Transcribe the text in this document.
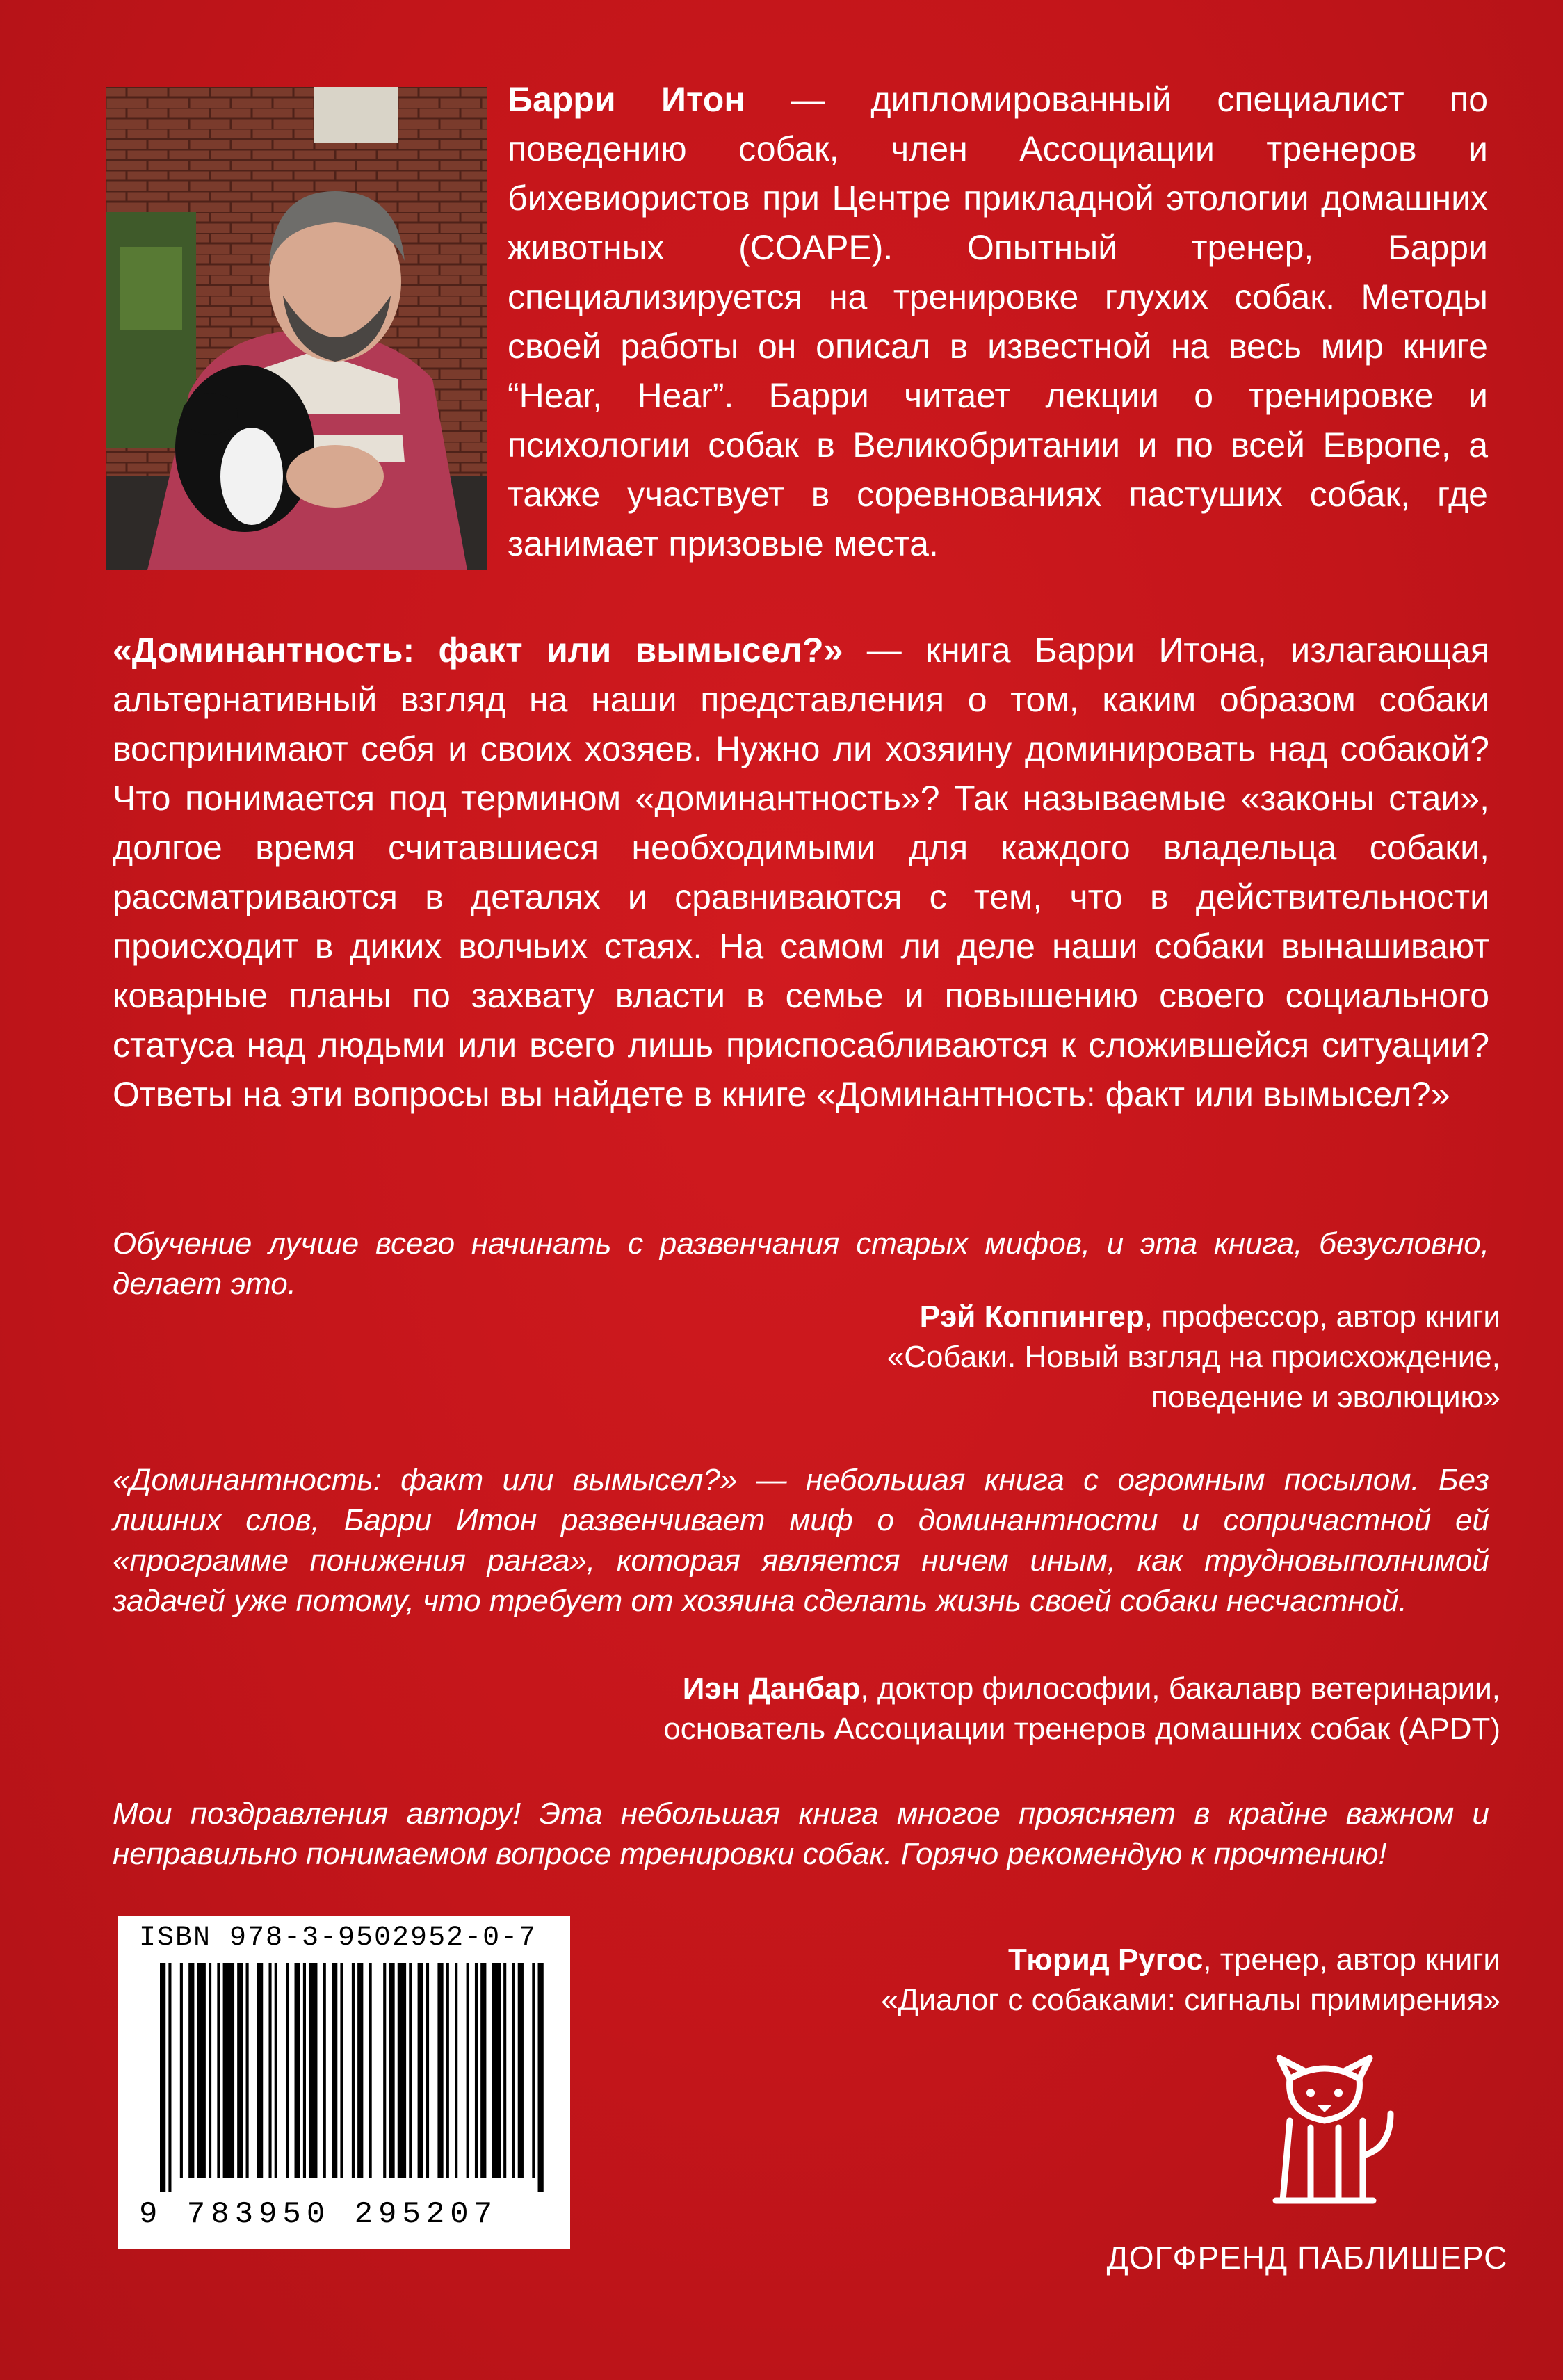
Барри Итон — дипломированный специалист по поведению собак, член Ассоциации тренеров и бихевиористов при Центре прикладной этологии домашних животных (COAPE). Опытный тренер, Барри специализируется на тренировке глухих собак. Методы своей работы он описал в известной на весь мир книге “Hear, Hear”. Барри читает лекции о тренировке и психологии собак в Великобритании и по всей Европе, а также участвует в соревнованиях пастуших собак, где занимает призовые места.
«Доминантность: факт или вымысел?» — книга Барри Итона, излагающая альтернативный взгляд на наши представления о том, каким образом собаки воспринимают себя и своих хозяев. Нужно ли хозяину доминировать над собакой? Что понимается под термином «доминантность»? Так называемые «законы стаи», долгое время считавшиеся необходимыми для каждого владельца собаки, рассматриваются в деталях и сравниваются с тем, что в действительности происходит в диких волчьих стаях. На самом ли деле наши собаки вынашивают коварные планы по захвату власти в семье и повышению своего социального статуса над людьми или всего лишь приспосабливаются к сложившейся ситуации? Ответы на эти вопросы вы найдете в книге «Доминантность: факт или вымысел?»
Обучение лучше всего начинать с развенчания старых мифов, и эта книга, безусловно, делает это.
Рэй Коппингер, профессор, автор книги
«Собаки. Новый взгляд на происхождение,
поведение и эволюцию»
«Доминантность: факт или вымысел?» — небольшая книга с огромным посылом. Без лишних слов, Барри Итон развенчивает миф о доминантности и сопричастной ей «программе понижения ранга», которая является ничем иным, как трудновыполнимой задачей уже потому, что требует от хозяина сделать жизнь своей собаки несчастной.
Иэн Данбар, доктор философии, бакалавр ветеринарии,
основатель Ассоциации тренеров домашних собак (APDT)
Мои поздравления автору! Эта небольшая книга многое проясняет в крайне важном и неправильно понимаемом вопросе тренировки собак. Горячо рекомендую к прочтению!
Тюрид Ругос, тренер, автор книги
«Диалог с собаками: сигналы примирения»
ISBN 978-3-9502952-0-7
9 783950 295207
ДОГФРЕНД ПАБЛИШЕРС
